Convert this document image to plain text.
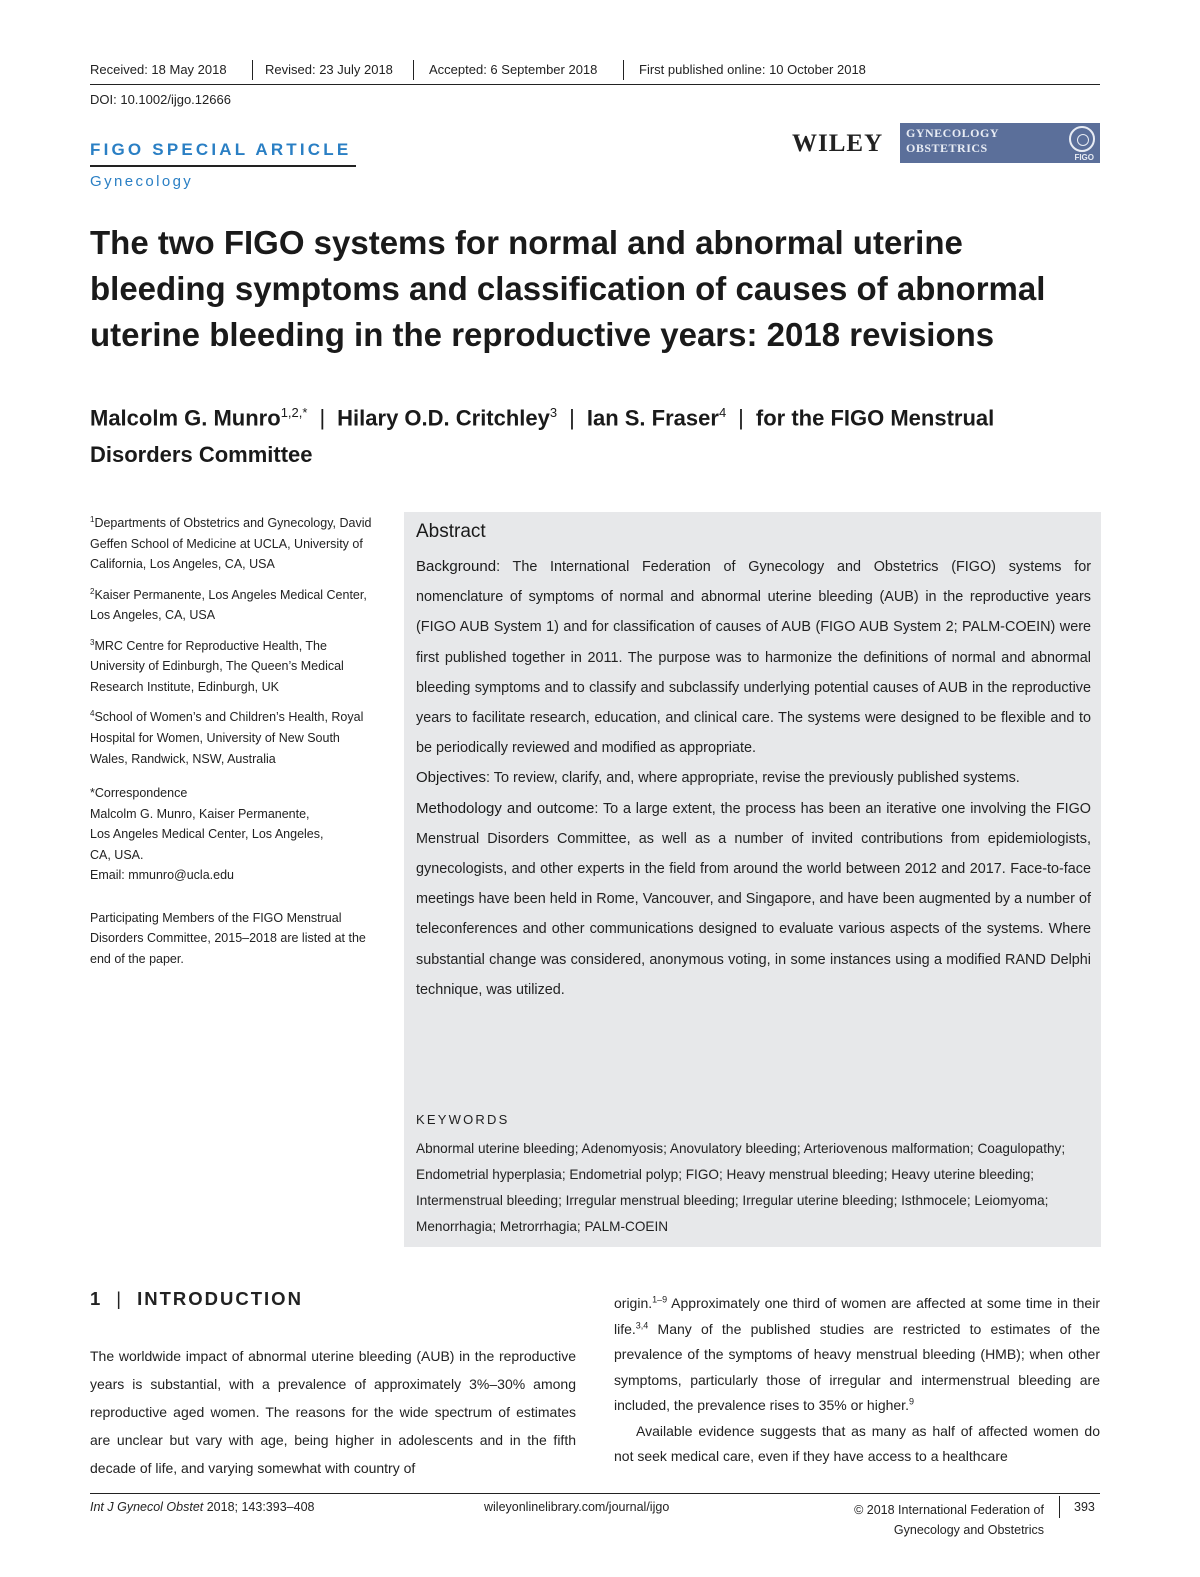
Received: 18 May 2018	Revised: 23 July 2018	Accepted: 6 September 2018	First published online: 10 October 2018
DOI: 10.1002/ijgo.12666
FIGO SPECIAL ARTICLE
Gynecology
WILEY GYNECOLOGY OBSTETRICS
FIGO
The two FIGO systems for normal and abnormal uterine bleeding symptoms and classification of causes of abnormal uterine bleeding in the reproductive years: 2018 revisions
Malcolm G. Munro$^{1,2,*}$ | Hilary O.D. Critchley$^3$ | Ian S. Fraser$^4$ | for the FIGO Menstrual Disorders Committee

$^1$Departments of Obstetrics and Gynecology, David Geffen School of Medicine at UCLA, University of California, Los Angeles, CA, USA

$^2$Kaiser Permanente, Los Angeles Medical Center, Los Angeles, CA, USA

$^3$MRC Centre for Reproductive Health, The University of Edinburgh, The Queen’s Medical Research Institute, Edinburgh, UK

$^4$School of Women’s and Children’s Health, Royal Hospital for Women, University of New South Wales, Randwick, NSW, Australia

*Correspondence
Malcolm G. Munro, Kaiser Permanente,
Los Angeles Medical Center, Los Angeles,
CA, USA.
Email: mmunro@ucla.edu
Participating Members of the FIGO Menstrual Disorders Committee, 2015–2018 are listed at the end of the paper.
Abstract

Background: The International Federation of Gynecology and Obstetrics (FIGO) systems for nomenclature of symptoms of normal and abnormal uterine bleeding (AUB) in the reproductive years (FIGO AUB System 1) and for classification of causes of AUB (FIGO AUB System 2; PALM-COEIN) were first published together in 2011. The purpose was to harmonize the definitions of normal and abnormal bleeding symptoms and to classify and subclassify underlying potential causes of AUB in the reproductive years to facilitate research, education, and clinical care. The systems were designed to be flexible and to be periodically reviewed and modified as appropriate.

Objectives: To review, clarify, and, where appropriate, revise the previously published systems.

Methodology and outcome: To a large extent, the process has been an iterative one involving the FIGO Menstrual Disorders Committee, as well as a number of invited contributions from epidemiologists, gynecologists, and other experts in the field from around the world between 2012 and 2017. Face-to-face meetings have been held in Rome, Vancouver, and Singapore, and have been augmented by a number of teleconferences and other communications designed to evaluate various aspects of the systems. Where substantial change was considered, anonymous voting, in some instances using a modified RAND Delphi technique, was utilized.

KEYWORDS
Abnormal uterine bleeding; Adenomyosis; Anovulatory bleeding; Arteriovenous malformation; Coagulopathy; Endometrial hyperplasia; Endometrial polyp; FIGO; Heavy menstrual bleeding; Heavy uterine bleeding; Intermenstrual bleeding; Irregular menstrual bleeding; Irregular uterine bleeding; Isthmocele; Leiomyoma; Menorrhagia; Metrorrhagia; PALM-COEIN
1 | INTRODUCTION
The worldwide impact of abnormal uterine bleeding (AUB) in the reproductive years is substantial, with a prevalence of approximately 3%–30% among reproductive aged women. The reasons for the wide spectrum of estimates are unclear but vary with age, being higher in adolescents and in the fifth decade of life, and varying somewhat with country of

origin.$^{1-9}$ Approximately one third of women are affected at some time in their life.$^{3,4}$ Many of the published studies are restricted to estimates of the prevalence of the symptoms of heavy menstrual bleeding (HMB); when other symptoms, particularly those of irregular and intermenstrual bleeding are included, the prevalence rises to 35% or higher.$^9$

Available evidence suggests that as many as half of affected women do not seek medical care, even if they have access to a healthcare

Int J Gynecol Obstet 2018; 143:393–408	wileyonlinelibrary.com/journal/ijgo	© 2018 International Federation of Gynecology and Obstetrics
393
